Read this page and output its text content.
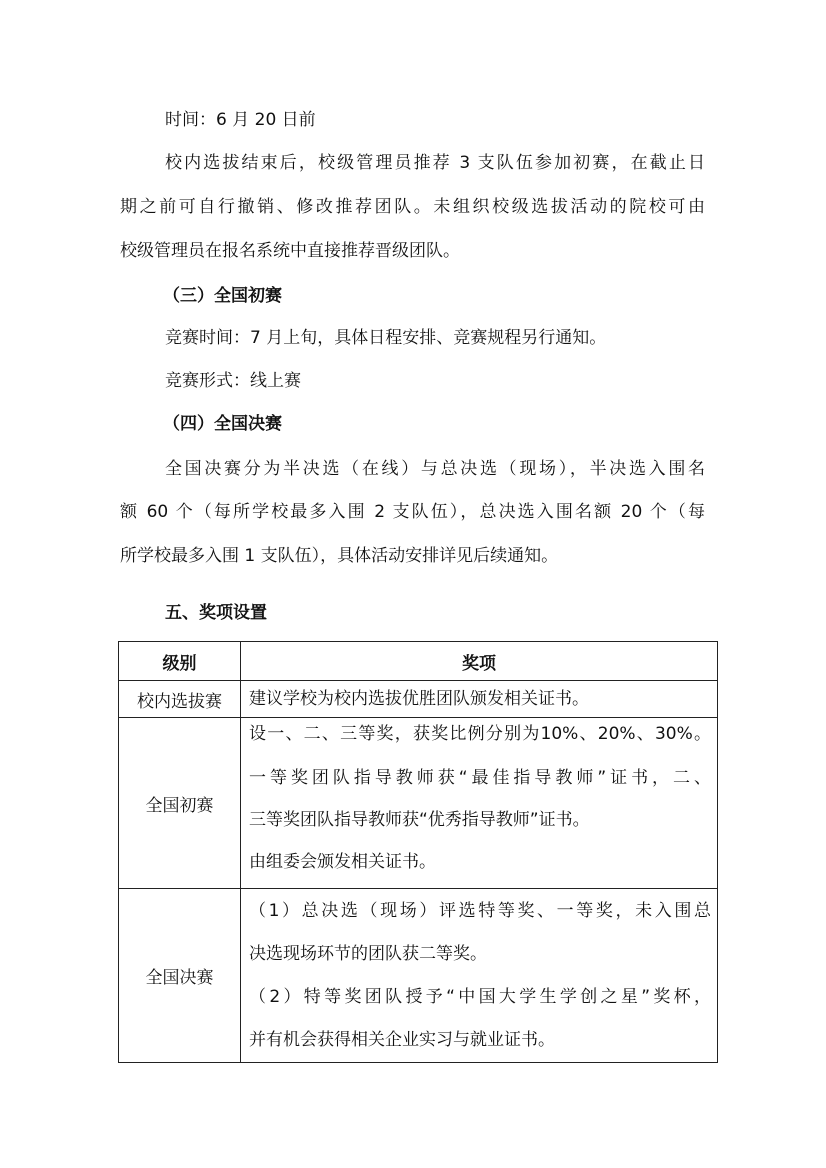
时间：6 月 20 日前

校内选拔结束后，校级管理员推荐 3 支队伍参加初赛，在截止日

期之前可自行撤销、修改推荐团队。未组织校级选拔活动的院校可由

校级管理员在报名系统中直接推荐晋级团队。

（三）全国初赛

竞赛时间：7 月上旬，具体日程安排、竞赛规程另行通知。

竞赛形式：线上赛

（四）全国决赛

全国决赛分为半决选（在线）与总决选（现场），半决选入围名

额 60 个（每所学校最多入围 2 支队伍），总决选入围名额 20 个（每

所学校最多入围 1 支队伍），具体活动安排详见后续通知。

五、奖项设置

级别	奖项
校内选拔赛	建议学校为校内选拔优胜团队颁发相关证书。

全国初赛	设一、二、三等奖，获奖比例分别为10%、20%、30%。
一等奖团队指导教师获“最佳指导教师”证书，二、
三等奖团队指导教师获“优秀指导教师”证书。
由组委会颁发相关证书。

全国决赛	（1）总决选（现场）评选特等奖、一等奖，未入围总
决选现场环节的团队获二等奖。
（2）特等奖团队授予“中国大学生学创之星”奖杯，
并有机会获得相关企业实习与就业证书。
